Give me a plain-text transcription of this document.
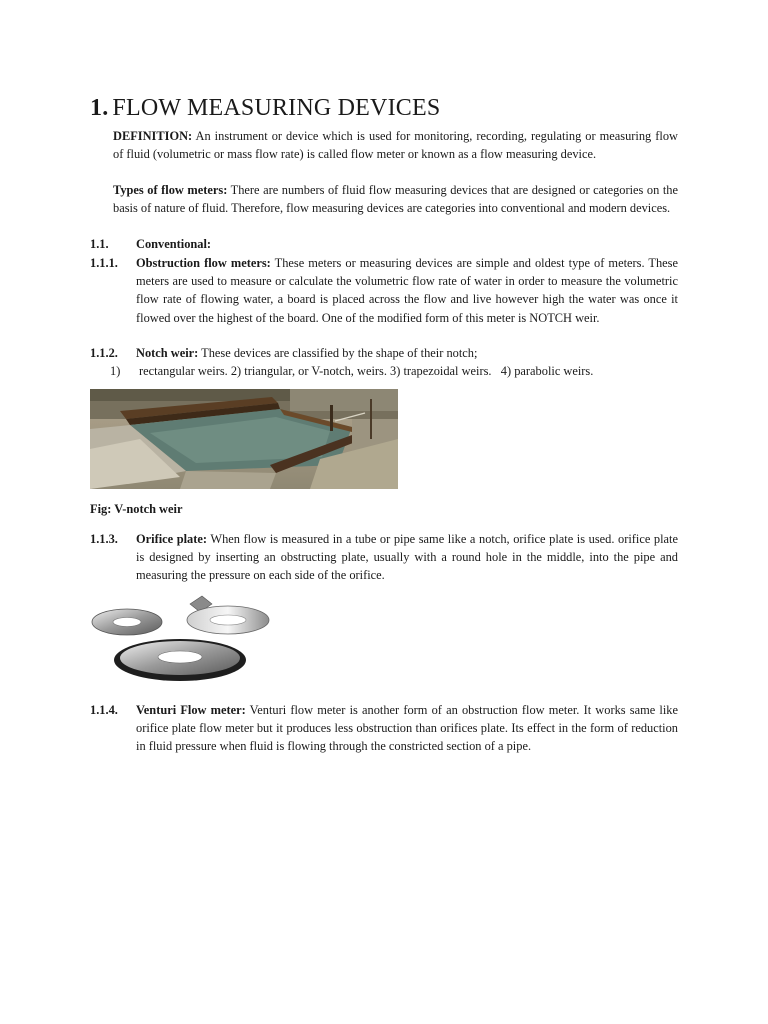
1. FLOW MEASURING DEVICES

DEFINITION: An instrument or device which is used for monitoring, recording, regulating or measuring flow of fluid (volumetric or mass flow rate) is called flow meter or known as a flow measuring device.

Types of flow meters: There are numbers of fluid flow measuring devices that are designed or categories on the basis of nature of fluid. Therefore, flow measuring devices are categories into conventional and modern devices.

1.1. Conventional:
1.1.1. Obstruction flow meters: These meters or measuring devices are simple and oldest type of meters. These meters are used to measure or calculate the volumetric flow rate of water in order to measure the volumetric flow rate of flowing water, a board is placed across the flow and live however high the water was once it flowed over the highest of the board. One of the modified form of this meter is NOTCH weir.

1.1.2. Notch weir: These devices are classified by the shape of their notch;

1) rectangular weirs. 2) triangular, or V-notch, weirs. 3) trapezoidal weirs.   4) parabolic weirs.
Fig: V-notch weir
1.1.3. Orifice plate: When flow is measured in a tube or pipe same like a notch, orifice plate is used. orifice plate is designed by inserting an obstructing plate, usually with a round hole in the middle, into the pipe and measuring the pressure on each side of the orifice.

1.1.4. Venturi Flow meter: Venturi flow meter is another form of an obstruction flow meter. It works same like orifice plate flow meter but it produces less obstruction than orifices plate. Its effect in the form of reduction in fluid pressure when fluid is flowing through the constricted section of a pipe.
